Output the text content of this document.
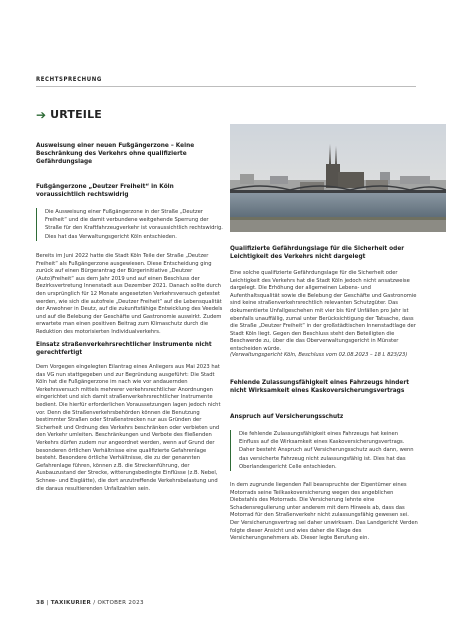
RECHTSPRECHUNG
➔ URTEILE
Ausweisung einer neuen Fußgängerzone – Keine Beschränkung des Verkehrs ohne qualifizierte Gefährdungslage
Fußgängerzone „Deutzer Freiheit“ in Köln voraussichtlich rechtswidrig
Die Ausweisung einer Fußgängerzone in der Straße „Deutzer Freiheit“ und die damit verbundene weitgehende Sperrung der Straße für den Kraftfahrzeugverkehr ist voraussichtlich rechtswidrig. Dies hat das Verwaltungsgericht Köln entschieden.
Bereits im Juni 2022 hatte die Stadt Köln Teile der Straße „Deutzer Freiheit“ als Fußgängerzone ausgewiesen. Diese Entscheidung ging zurück auf einen Bürgerantrag der Bürgerinitiative „Deutzer (Auto)Freiheit“ aus dem Jahr 2019 und auf einen Beschluss der Bezirksvertretung Innenstadt aus Dezember 2021. Danach sollte durch den ursprünglich für 12 Monate angesetzten Verkehrsversuch getestet werden, wie sich die autofreie „Deutzer Freiheit“ auf die Lebensqualität der Anwohner in Deutz, auf die zukunftsfähige Entwicklung des Veedels und auf die Belebung der Geschäfte und Gastronomie auswirkt. Zudem erwartete man einen positiven Beitrag zum Klimaschutz durch die Reduktion des motorisierten Individualverkehrs.
Einsatz straßenverkehrsrechtlicher Instrumente nicht gerechtfertigt
Dem Vorgegen eingelegten Eilantrag eines Anliegers aus Mai 2023 hat das VG nun stattgegeben und zur Begründung ausgeführt: Die Stadt Köln hat die Fußgängerzone im nach wie vor andauernden Verkehrsversuch mittels mehrerer verkehrsrechtlicher Anordnungen eingerichtet und sich damit straßenverkehrsrechtlicher Instrumente bedient. Die hierfür erforderlichen Voraussetzungen lagen jedoch nicht vor. Denn die Straßenverkehrsbehörden können die Benutzung bestimmter Straßen oder Straßenstrecken nur aus Gründen der Sicherheit und Ordnung des Verkehrs beschränken oder verbieten und den Verkehr umleiten. Beschränkungen und Verbote des fließenden Verkehrs dürfen zudem nur angeordnet werden, wenn auf Grund der besonderen örtlichen Verhältnisse eine qualifizierte Gefahrenlage besteht. Besondere örtliche Verhältnisse, die zu der genannten Gefahrenlage führen, können z.B. die Streckenführung, der Ausbauzustand der Strecke, witterungsbedingte Einflüsse (z.B. Nebel, Schnee- und Eisglätte), die dort anzutreffende Verkehrsbelastung und die daraus resultierenden Unfallzahlen sein.
Qualifizierte Gefährdungslage für die Sicherheit oder Leichtigkeit des Verkehrs nicht dargelegt
Eine solche qualifizierte Gefährdungslage für die Sicherheit oder Leichtigkeit des Verkehrs hat die Stadt Köln jedoch nicht ansatzweise dargelegt. Die Erhöhung der allgemeinen Lebens- und Aufenthaltsqualität sowie die Belebung der Geschäfte und Gastronomie sind keine straßenverkehrsrechtlich relevanten Schutzgüter. Das dokumentierte Unfallgeschehen mit vier bis fünf Unfällen pro Jahr ist ebenfalls unauffällig, zumal unter Berücksichtigung der Tatsache, dass die Straße „Deutzer Freiheit“ in der großstädtischen Innenstadtlage der Stadt Köln liegt. Gegen den Beschluss steht den Beteiligten die Beschwerde zu, über die das Oberverwaltungsgericht in Münster entscheiden würde.
(Verwaltungsgericht Köln, Beschluss vom 02.08.2023 – 18 L 823/23)
Fehlende Zulassungsfähigkeit eines Fahrzeugs hindert nicht Wirksamkeit eines Kaskoversicherungsvertrags
Anspruch auf Versicherungsschutz
Die fehlende Zulassungsfähigkeit eines Fahrzeugs hat keinen Einfluss auf die Wirksamkeit eines Kaskoversicherungsvertrags. Daher besteht Anspruch auf Versicherungsschutz auch dann, wenn das versicherte Fahrzeug nicht zulassungsfähig ist. Dies hat das Oberlandesgericht Celle entschieden.
In dem zugrunde liegenden Fall beanspruchte der Eigentümer eines Motorrads seine Teilkaskoversicherung wegen des angeblichen Diebstahls des Motorrads. Die Versicherung lehnte eine Schadensregulierung unter anderem mit dem Hinweis ab, dass das Motorrad für den Straßenverkehr nicht zulassungsfähig gewesen sei. Der Versicherungsvertrag sei daher unwirksam. Das Landgericht Verden folgte dieser Ansicht und wies daher die Klage des Versicherungsnehmers ab. Dieser legte Berufung ein.
38 | TAXIKURIER / OKTOBER 2023
